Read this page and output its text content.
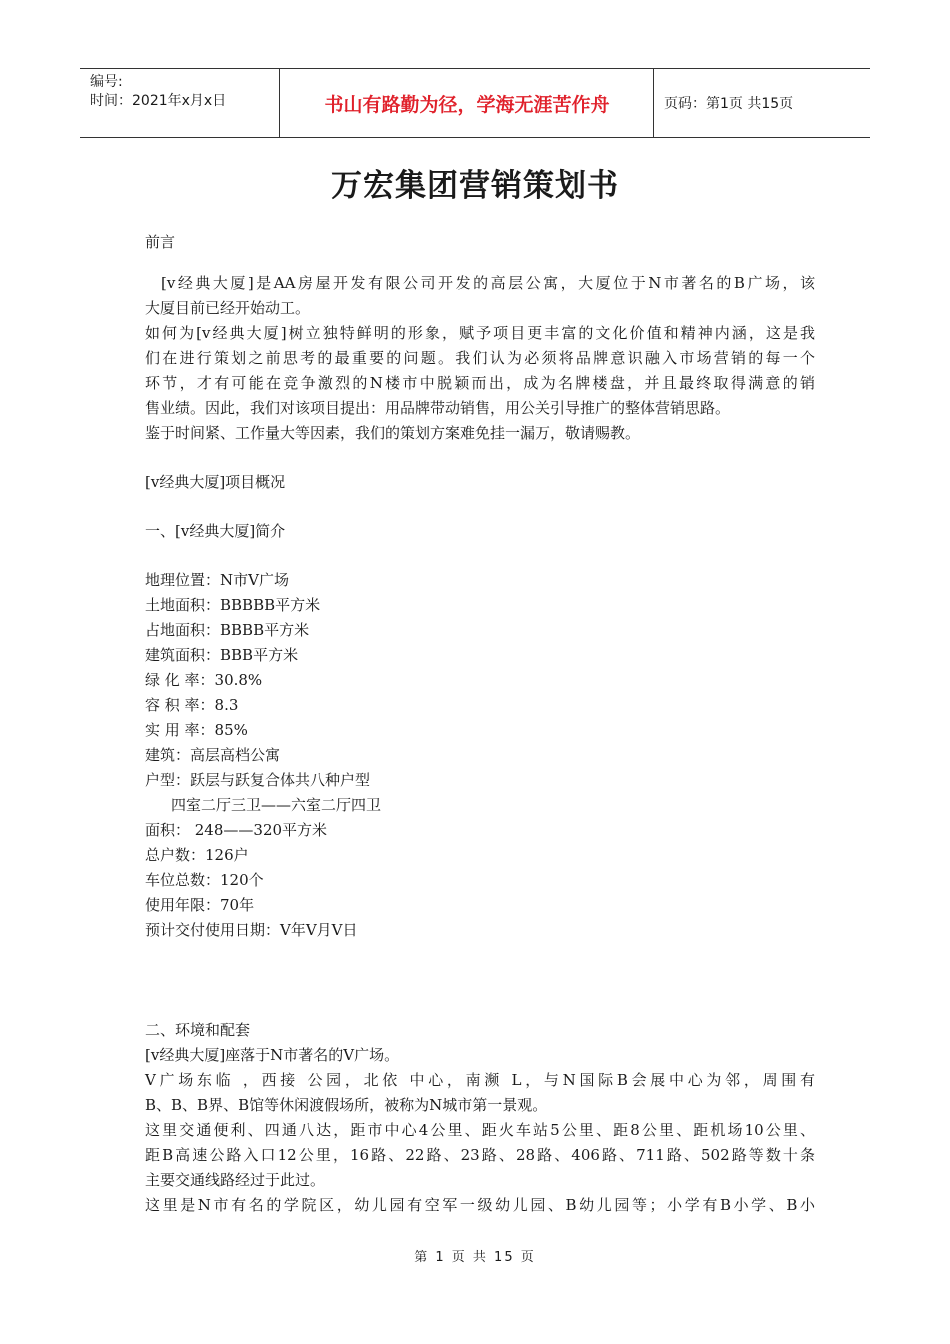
编号:
时间：2021年x月x日	书山有路勤为径，学海无涯苦作舟	页码：第1页 共15页
万宏集团营销策划书
前言
[v经典大厦]是AA房屋开发有限公司开发的高层公寓，大厦位于N市著名的B广场，该
大厦目前已经开始动工。
如何为[v经典大厦]树立独特鲜明的形象，赋予项目更丰富的文化价值和精神内涵，这是我
们在进行策划之前思考的最重要的问题。我们认为必须将品牌意识融入市场营销的每一个
环节，才有可能在竞争激烈的N楼市中脱颖而出，成为名牌楼盘，并且最终取得满意的销
售业绩。因此，我们对该项目提出：用品牌带动销售，用公关引导推广的整体营销思路。
鉴于时间紧、工作量大等因素，我们的策划方案难免挂一漏万，敬请赐教。
[v经典大厦]项目概况
一、[v经典大厦]简介
地理位置：N市V广场
土地面积：BBBBB平方米
占地面积：BBBB平方米
建筑面积：BBB平方米
绿 化 率：30.8%
容 积 率：8.3
实 用 率：85%
建筑：高层高档公寓
户型：跃层与跃复合体共八种户型
四室二厅三卫——六室二厅四卫
面积： 248——320平方米
总户数：126户
车位总数：120个
使用年限：70年
预计交付使用日期：V年V月V日
二、环境和配套
[v经典大厦]座落于N市著名的V广场。
V广场东临 ，西接 公园，北依 中心，南濒 L，与N国际B会展中心为邻，周围有
B、B、B界、B馆等休闲渡假场所，被称为N城市第一景观。
这里交通便利、四通八达，距市中心4公里、距火车站5公里、距8公里、距机场10公里、
距B高速公路入口12公里，16路、22路、23路、28路、406路、711路、502路等数十条
主要交通线路经过于此过。
这里是N市有名的学院区，幼儿园有空军一级幼儿园、B幼儿园等；小学有B小学、B小
第 1 页 共 15 页
